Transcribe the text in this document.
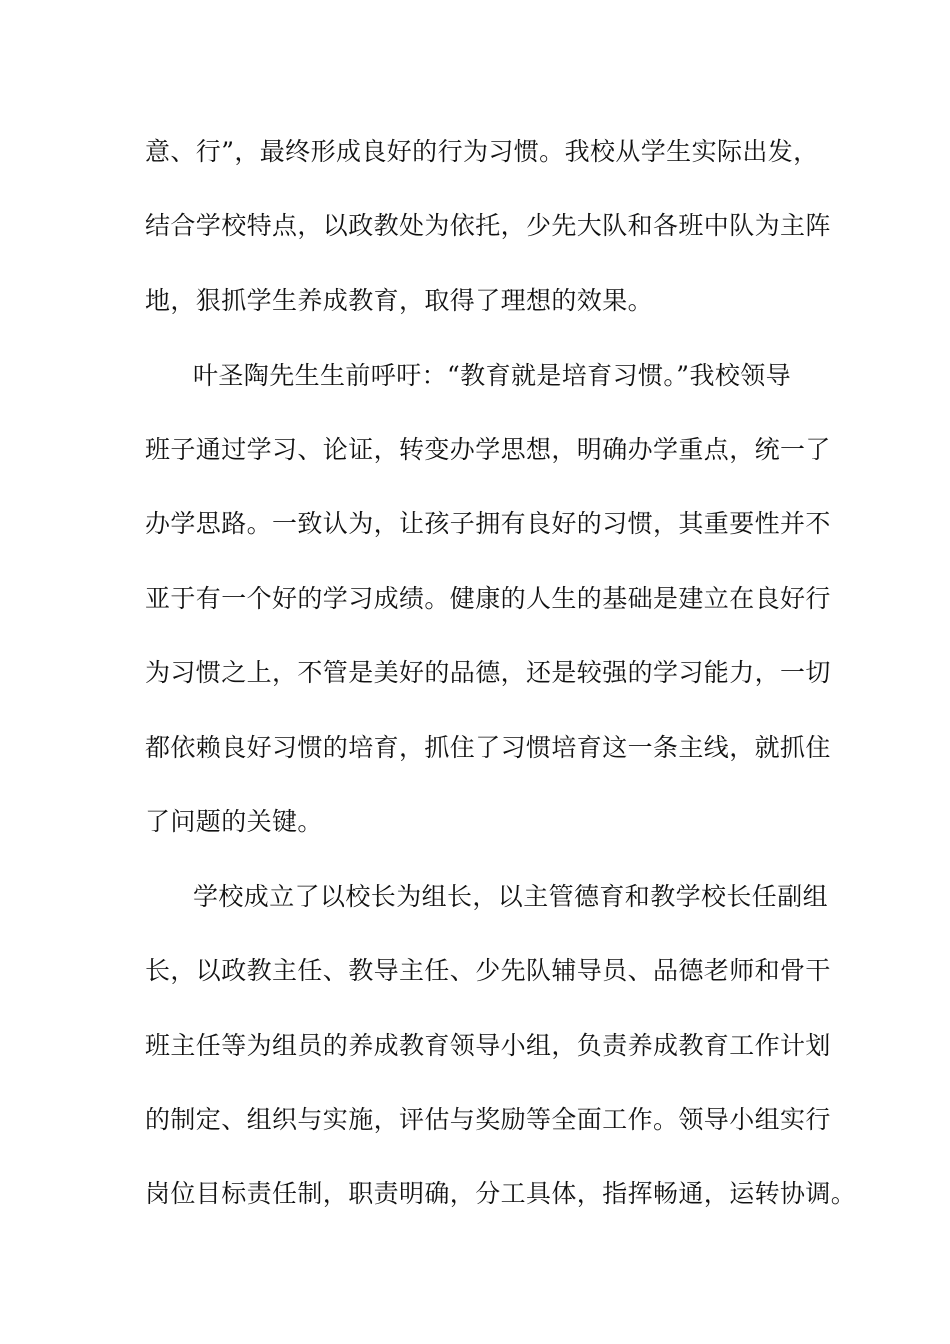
意、行”，最终形成良好的行为习惯。我校从学生实际出发，
结合学校特点，以政教处为依托，少先大队和各班中队为主阵
地，狠抓学生养成教育，取得了理想的效果。
叶圣陶先生生前呼吁：“教育就是培育习惯。”我校领导
班子通过学习、论证，转变办学思想，明确办学重点，统一了
办学思路。一致认为，让孩子拥有良好的习惯，其重要性并不
亚于有一个好的学习成绩。健康的人生的基础是建立在良好行
为习惯之上，不管是美好的品德，还是较强的学习能力，一切
都依赖良好习惯的培育，抓住了习惯培育这一条主线，就抓住
了问题的关键。
学校成立了以校长为组长，以主管德育和教学校长任副组
长，以政教主任、教导主任、少先队辅导员、品德老师和骨干
班主任等为组员的养成教育领导小组，负责养成教育工作计划
的制定、组织与实施，评估与奖励等全面工作。领导小组实行
岗位目标责任制，职责明确，分工具体，指挥畅通，运转协调。
